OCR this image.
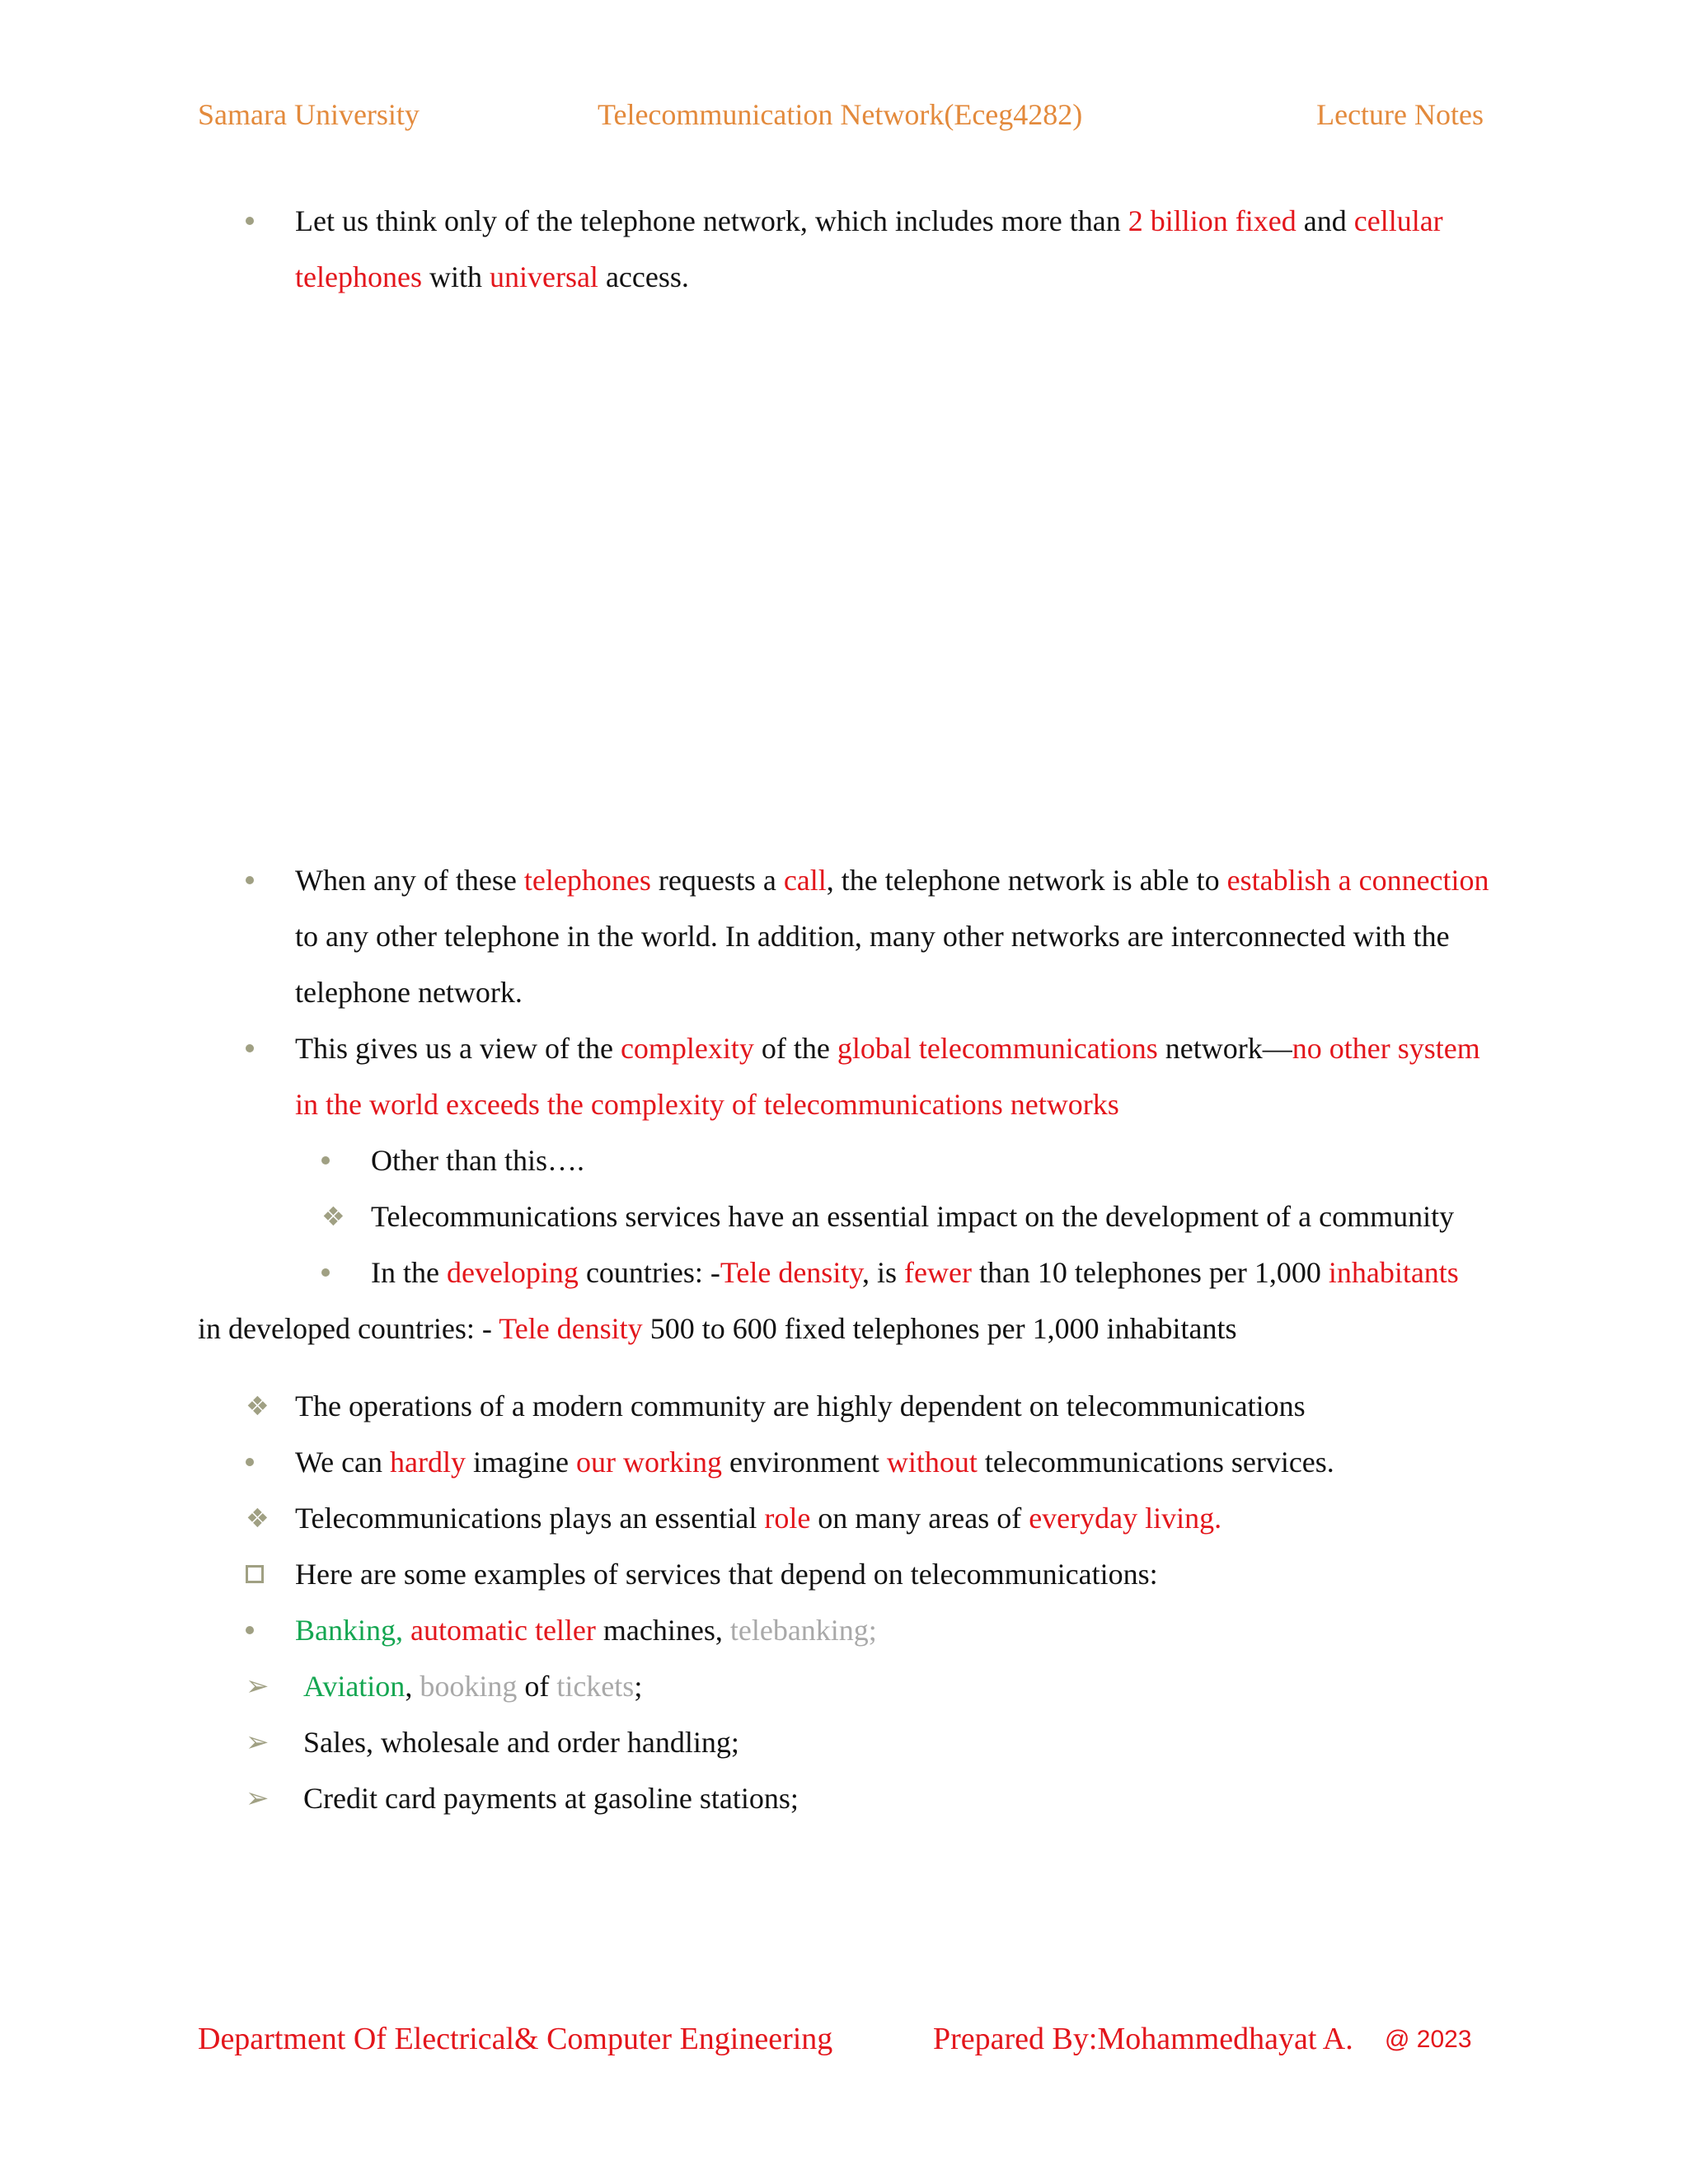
Samara University	Telecommunication Network(Eceg4282)	Lecture Notes
Let us think only of the telephone network, which includes more than 2 billion fixed and cellular telephones with universal access.
When any of these telephones requests a call, the telephone network is able to establish a connection to any other telephone in the world. In addition, many other networks are interconnected with the telephone network.
This gives us a view of the complexity of the global telecommunications network—no other system in the world exceeds the complexity of telecommunications networks
Other than this….
❖ Telecommunications services have an essential impact on the development of a community
In the developing countries: -Tele density, is fewer than 10 telephones per 1,000 inhabitants
in developed countries: - Tele density 500 to 600 fixed telephones per 1,000 inhabitants
❖ The operations of a modern community are highly dependent on telecommunications
We can hardly imagine our working environment without telecommunications services.
❖ Telecommunications plays an essential role on many areas of everyday living.
Here are some examples of services that depend on telecommunications:
Banking, automatic teller machines, telebanking;
➢ Aviation, booking of tickets;
➢ Sales, wholesale and order handling;
➢ Credit card payments at gasoline stations;
Department Of Electrical& Computer Engineering	Prepared By:Mohammedhayat A. @ 2023
